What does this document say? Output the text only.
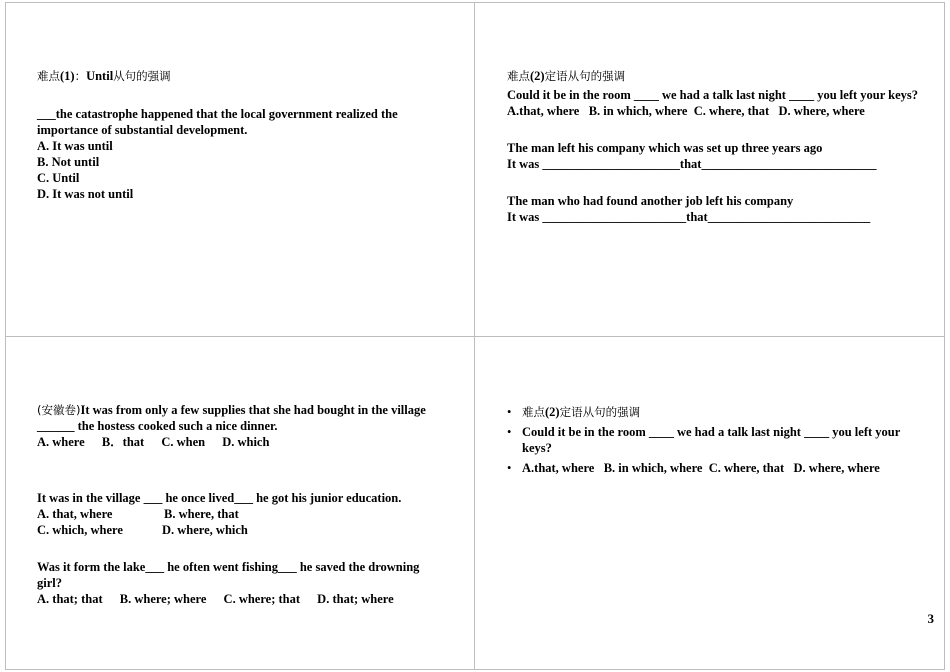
难点(1)：Until从句的强调

___the catastrophe happened that the local government realized the importance of substantial development.

A. It was until

B. Not until

C. Until

D. It was not until

难点(2)定语从句的强调

Could it be in the room ____ we had a talk last night ____ you left your keys?

A.that, where   B. in which, where  C. where, that   D. where, where

The man left his company which was set up three years ago

It was ______________________that____________________________

The man who had found another job left his company

It was _______________________that__________________________

(安徽卷)It was from only a few supplies that she had bought in the village ______ the hostess cooked such a nice dinner.

A. where B．that C. when D. which

It was in the village ___ he once lived___ he got his junior education.

A. that, where	B. where, that

C. which, where	D. where, which

Was it form the lake___ he often went fishing___ he saved the drowning girl?

A. that; that B. where; where C. where; that D. that; where

• 难点(2)定语从句的强调
• Could it be in the room ____ we had a talk last night ____ you left your keys?
• A.that, where   B. in which, where  C. where, that   D. where, where
3
